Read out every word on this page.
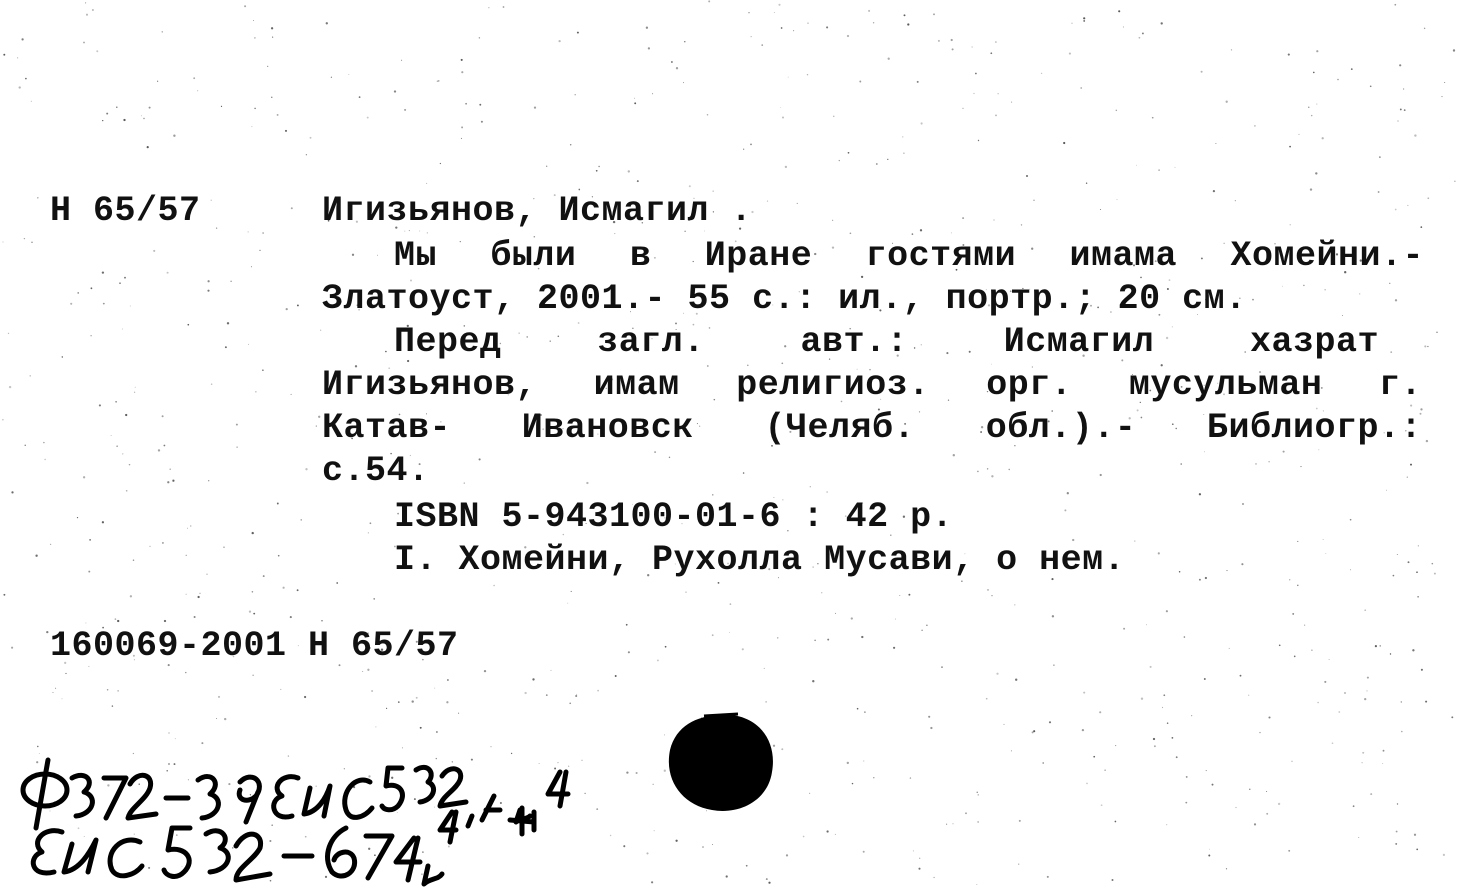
Н 65/57

	Игизьянов, Исмагил .

Мы были в Иране гостями имама Хомейни.-

Златоуст, 2001.- 55 с.: ил., портр.; 20 см.

Перед загл. авт.: Исмагил хазрат

Игизьянов, имам религиоз. орг. мусульман г.

Катав- Ивановск (Челяб. обл.).- Библиогр.:

с.54.

ISBN 5-943100-01-6 : 42 р.

I. Хомейни, Рухолла Мусави, о нем.

160069-2001 Н 65/57
